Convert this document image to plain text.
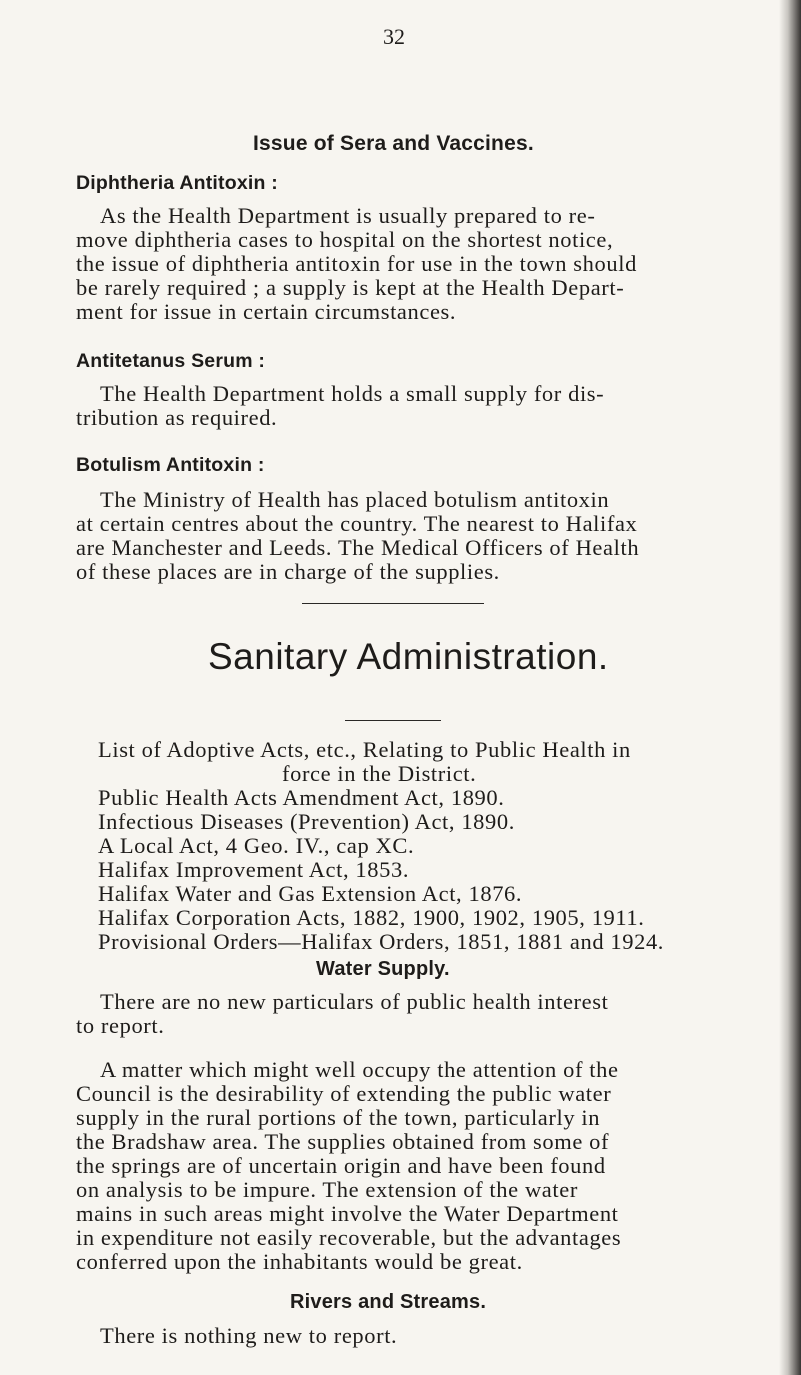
32
Issue of Sera and Vaccines.
Diphtheria Antitoxin :
As the Health Department is usually prepared to re-
move diphtheria cases to hospital on the shortest notice,
the issue of diphtheria antitoxin for use in the town should
be rarely required ; a supply is kept at the Health Depart-
ment for issue in certain circumstances.
Antitetanus Serum :
The Health Department holds a small supply for dis-
tribution as required.
Botulism Antitoxin :
The Ministry of Health has placed botulism antitoxin
at certain centres about the country. The nearest to Halifax
are Manchester and Leeds. The Medical Officers of Health
of these places are in charge of the supplies.
Sanitary Administration.
List of Adoptive Acts, etc., Relating to Public Health in
force in the District.
Public Health Acts Amendment Act, 1890.
Infectious Diseases (Prevention) Act, 1890.
A Local Act, 4 Geo. IV., cap XC.
Halifax Improvement Act, 1853.
Halifax Water and Gas Extension Act, 1876.
Halifax Corporation Acts, 1882, 1900, 1902, 1905, 1911.
Provisional Orders—Halifax Orders, 1851, 1881 and 1924.
Water Supply.
There are no new particulars of public health interest
to report.
A matter which might well occupy the attention of the
Council is the desirability of extending the public water
supply in the rural portions of the town, particularly in
the Bradshaw area. The supplies obtained from some of
the springs are of uncertain origin and have been found
on analysis to be impure. The extension of the water
mains in such areas might involve the Water Department
in expenditure not easily recoverable, but the advantages
conferred upon the inhabitants would be great.
Rivers and Streams.
There is nothing new to report.
